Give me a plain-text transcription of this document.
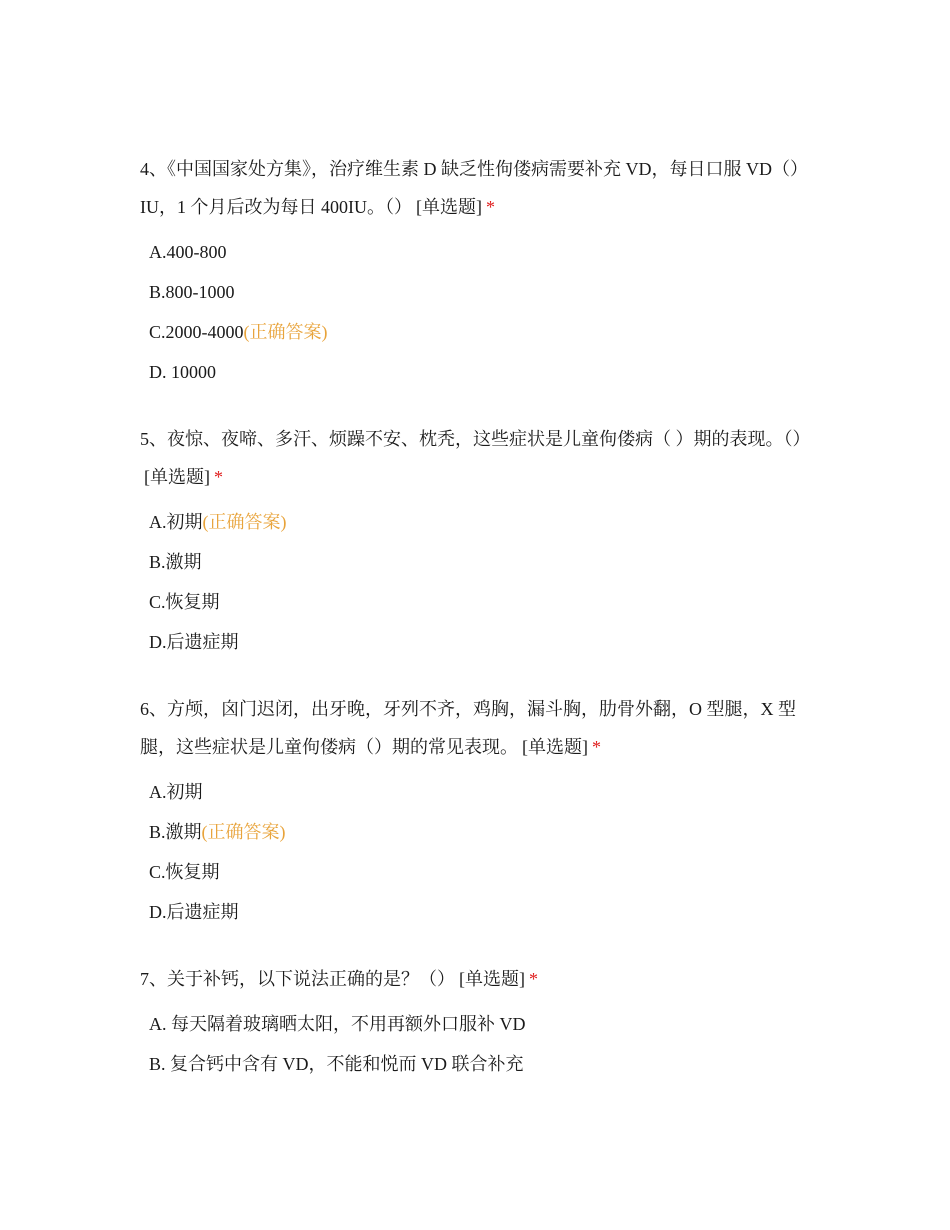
4、《中国国家处方集》，治疗维生素 D 缺乏性佝偻病需要补充 VD，每日口服 VD（）IU，1 个月后改为每日 400IU。（） [单选题] *
A.400-800
B.800-1000
C.2000-4000(正确答案)
D. 10000
5、夜惊、夜啼、多汗、烦躁不安、枕秃，这些症状是儿童佝偻病（ ）期的表现。（）[单选题] *
A.初期(正确答案)
B.激期
C.恢复期
D.后遗症期
6、方颅，囟门迟闭，出牙晚，牙列不齐，鸡胸，漏斗胸，肋骨外翻，O 型腿，X 型腿，这些症状是儿童佝偻病（）期的常见表现。 [单选题] *
A.初期
B.激期(正确答案)
C.恢复期
D.后遗症期
7、关于补钙，以下说法正确的是？（） [单选题] *
A. 每天隔着玻璃晒太阳，不用再额外口服补 VD
B. 复合钙中含有 VD，不能和悦而 VD 联合补充
